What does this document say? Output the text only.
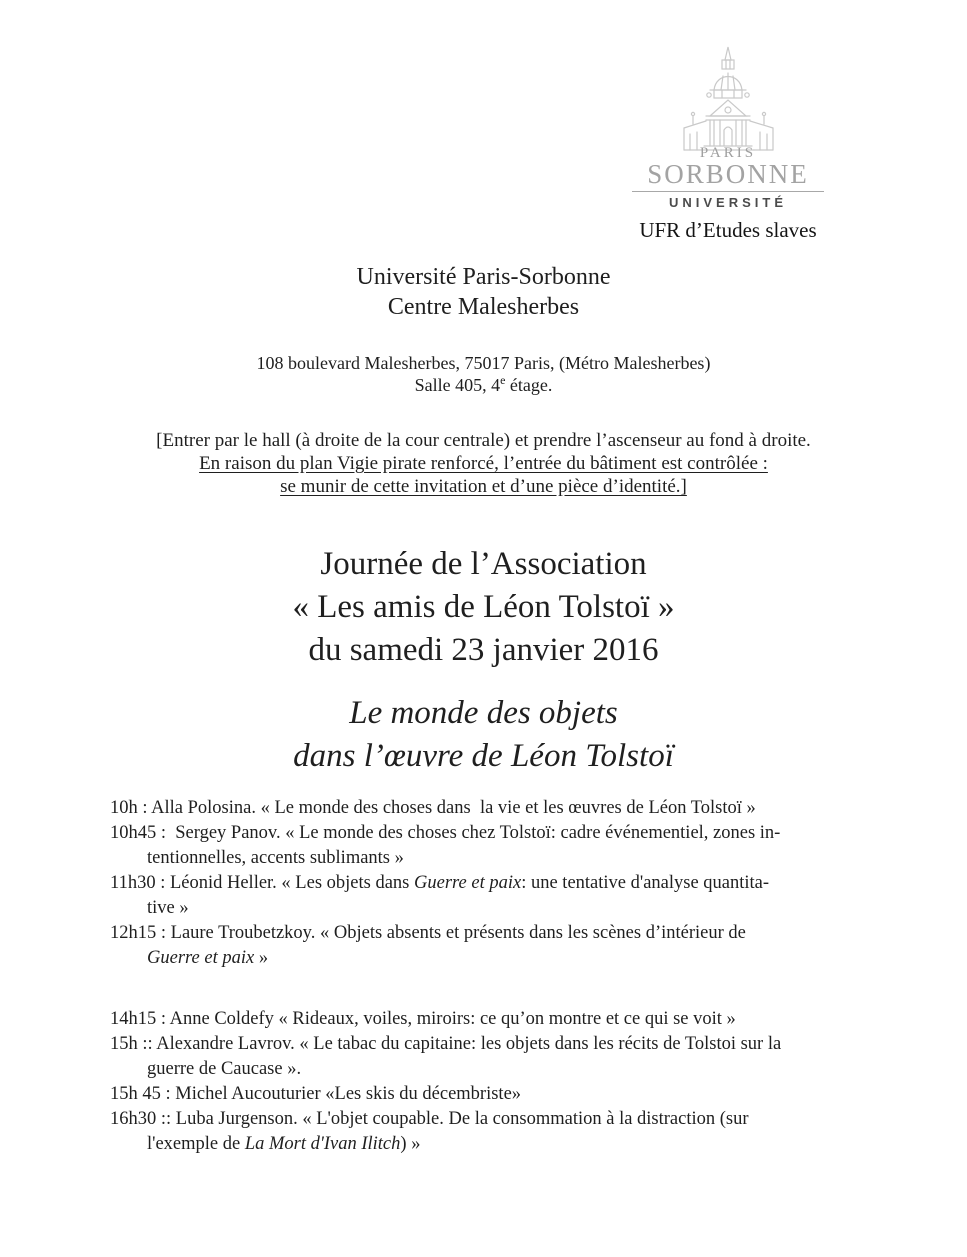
PARIS
SORBONNE
UNIVERSITÉ
UFR d’Etudes slaves
Université Paris-Sorbonne
Centre Malesherbes
108 boulevard Malesherbes, 75017 Paris, (Métro Malesherbes)
Salle 405, 4e étage.
[Entrer par le hall (à droite de la cour centrale) et prendre l’ascenseur au fond à droite.
En raison du plan Vigie pirate renforcé, l’entrée du bâtiment est contrôlée :
se munir de cette invitation et d’une pièce d’identité.]
Journée de l’Association
« Les amis de Léon Tolstoï »
du samedi 23 janvier 2016
Le monde des objets
dans l’œuvre de Léon Tolstoï
10h : Alla Polosina. « Le monde des choses dans  la vie et les œuvres de Léon Tolstoï »
10h45 :  Sergey Panov. « Le monde des choses chez Tolstoï: cadre événementiel, zones in-
tentionnelles, accents sublimants »
11h30 : Léonid Heller. « Les objets dans Guerre et paix: une tentative d'analyse quantita-
tive »
12h15 : Laure Troubetzkoy. « Objets absents et présents dans les scènes d’intérieur de
Guerre et paix »
14h15 : Anne Coldefy « Rideaux, voiles, miroirs: ce qu’on montre et ce qui se voit »
15h :: Alexandre Lavrov. « Le tabac du capitaine: les objets dans les récits de Tolstoi sur la
guerre de Caucase ».
15h 45 : Michel Aucouturier «Les skis du décembriste»
16h30 :: Luba Jurgenson. « L'objet coupable. De la consommation à la distraction (sur
l'exemple de La Mort d'Ivan Ilitch) »
